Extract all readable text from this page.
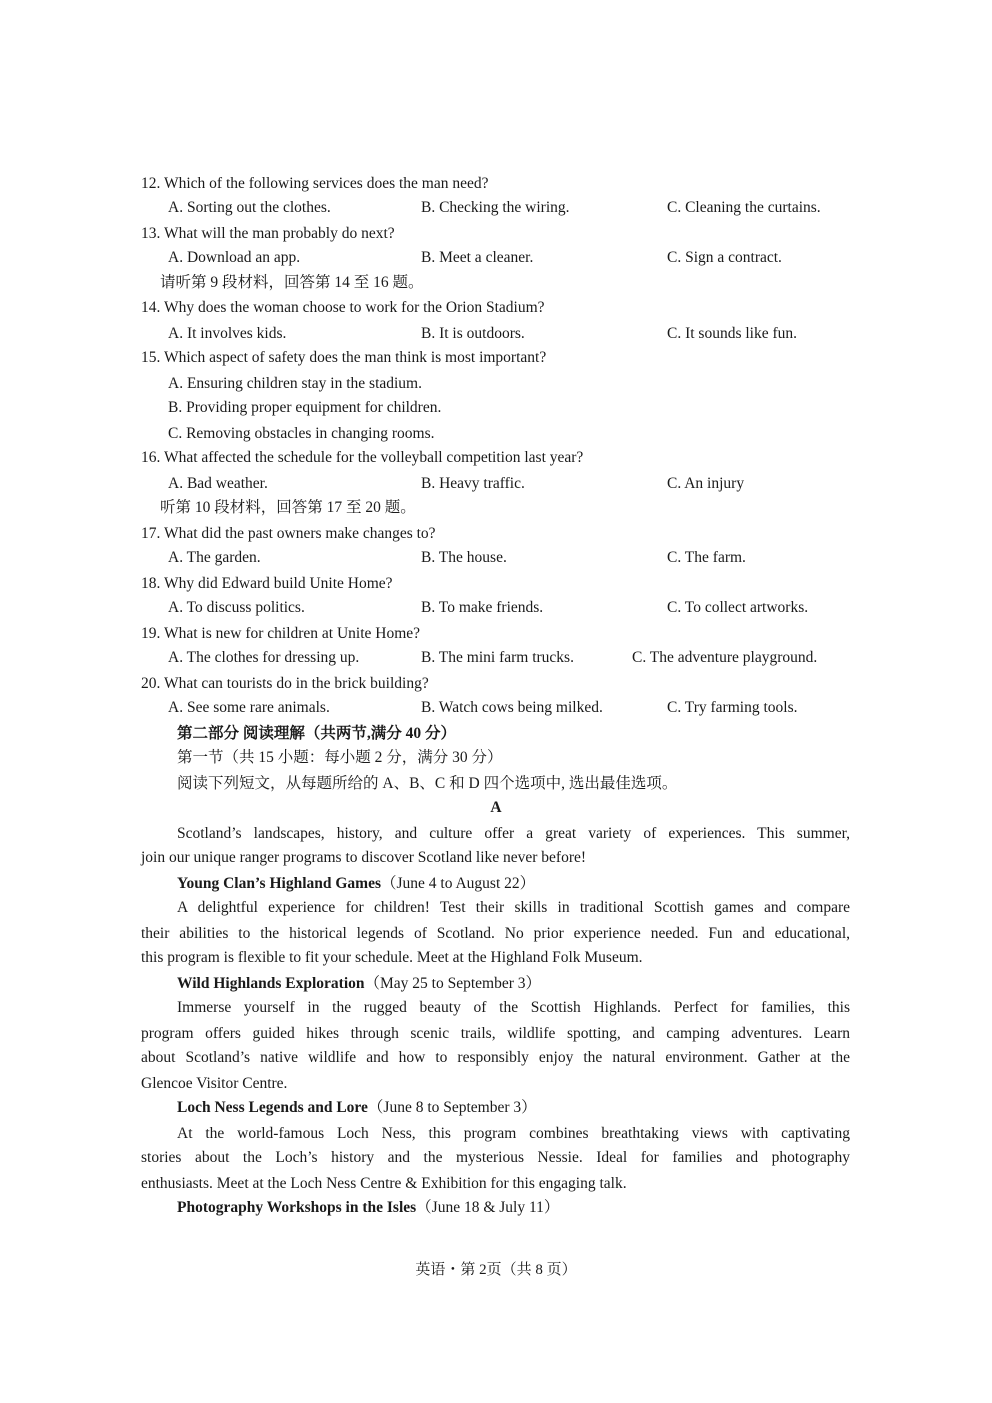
12. Which of the following services does the man need?
A. Sorting out the clothes.	B. Checking the wiring.	C. Cleaning the curtains.
13. What will the man probably do next?
A. Download an app.	B. Meet a cleaner.	C. Sign a contract.
请听第 9 段材料，回答第 14 至 16 题。
14. Why does the woman choose to work for the Orion Stadium?
A. It involves kids.	B. It is outdoors.	C. It sounds like fun.
15. Which aspect of safety does the man think is most important?
A. Ensuring children stay in the stadium.
B. Providing proper equipment for children.
C. Removing obstacles in changing rooms.
16. What affected the schedule for the volleyball competition last year?
A. Bad weather.	B. Heavy traffic.	C. An injury
听第 10 段材料，回答第 17 至 20 题。
17. What did the past owners make changes to?
A. The garden.	B. The house.	C. The farm.
18. Why did Edward build Unite Home?
A. To discuss politics.	B. To make friends.	C. To collect artworks.
19. What is new for children at Unite Home?
A. The clothes for dressing up.	B. The mini farm trucks.	C. The adventure playground.
20. What can tourists do in the brick building?
A. See some rare animals.	B. Watch cows being milked.	C. Try farming tools.
第二部分 阅读理解（共两节,满分 40 分）
第一节（共 15 小题：每小题 2 分，满分 30 分）
阅读下列短文，从每题所给的 A、B、C 和 D 四个选项中, 选出最佳选项。
A
Scotland’s landscapes, history, and culture offer a great variety of experiences. This summer,
join our unique ranger programs to discover Scotland like never before!
Young Clan’s Highland Games（June 4 to August 22）
A delightful experience for children! Test their skills in traditional Scottish games and compare
their abilities to the historical legends of Scotland. No prior experience needed. Fun and educational,
this program is flexible to fit your schedule. Meet at the Highland Folk Museum.
Wild Highlands Exploration（May 25 to September 3）
Immerse yourself in the rugged beauty of the Scottish Highlands. Perfect for families, this
program offers guided hikes through scenic trails, wildlife spotting, and camping adventures. Learn
about Scotland’s native wildlife and how to responsibly enjoy the natural environment. Gather at the
Glencoe Visitor Centre.
Loch Ness Legends and Lore（June 8 to September 3）
At the world-famous Loch Ness, this program combines breathtaking views with captivating
stories about the Loch’s history and the mysterious Nessie. Ideal for families and photography
enthusiasts. Meet at the Loch Ness Centre & Exhibition for this engaging talk.
Photography Workshops in the Isles（June 18 & July 11）
英语・第 2页（共 8 页）
